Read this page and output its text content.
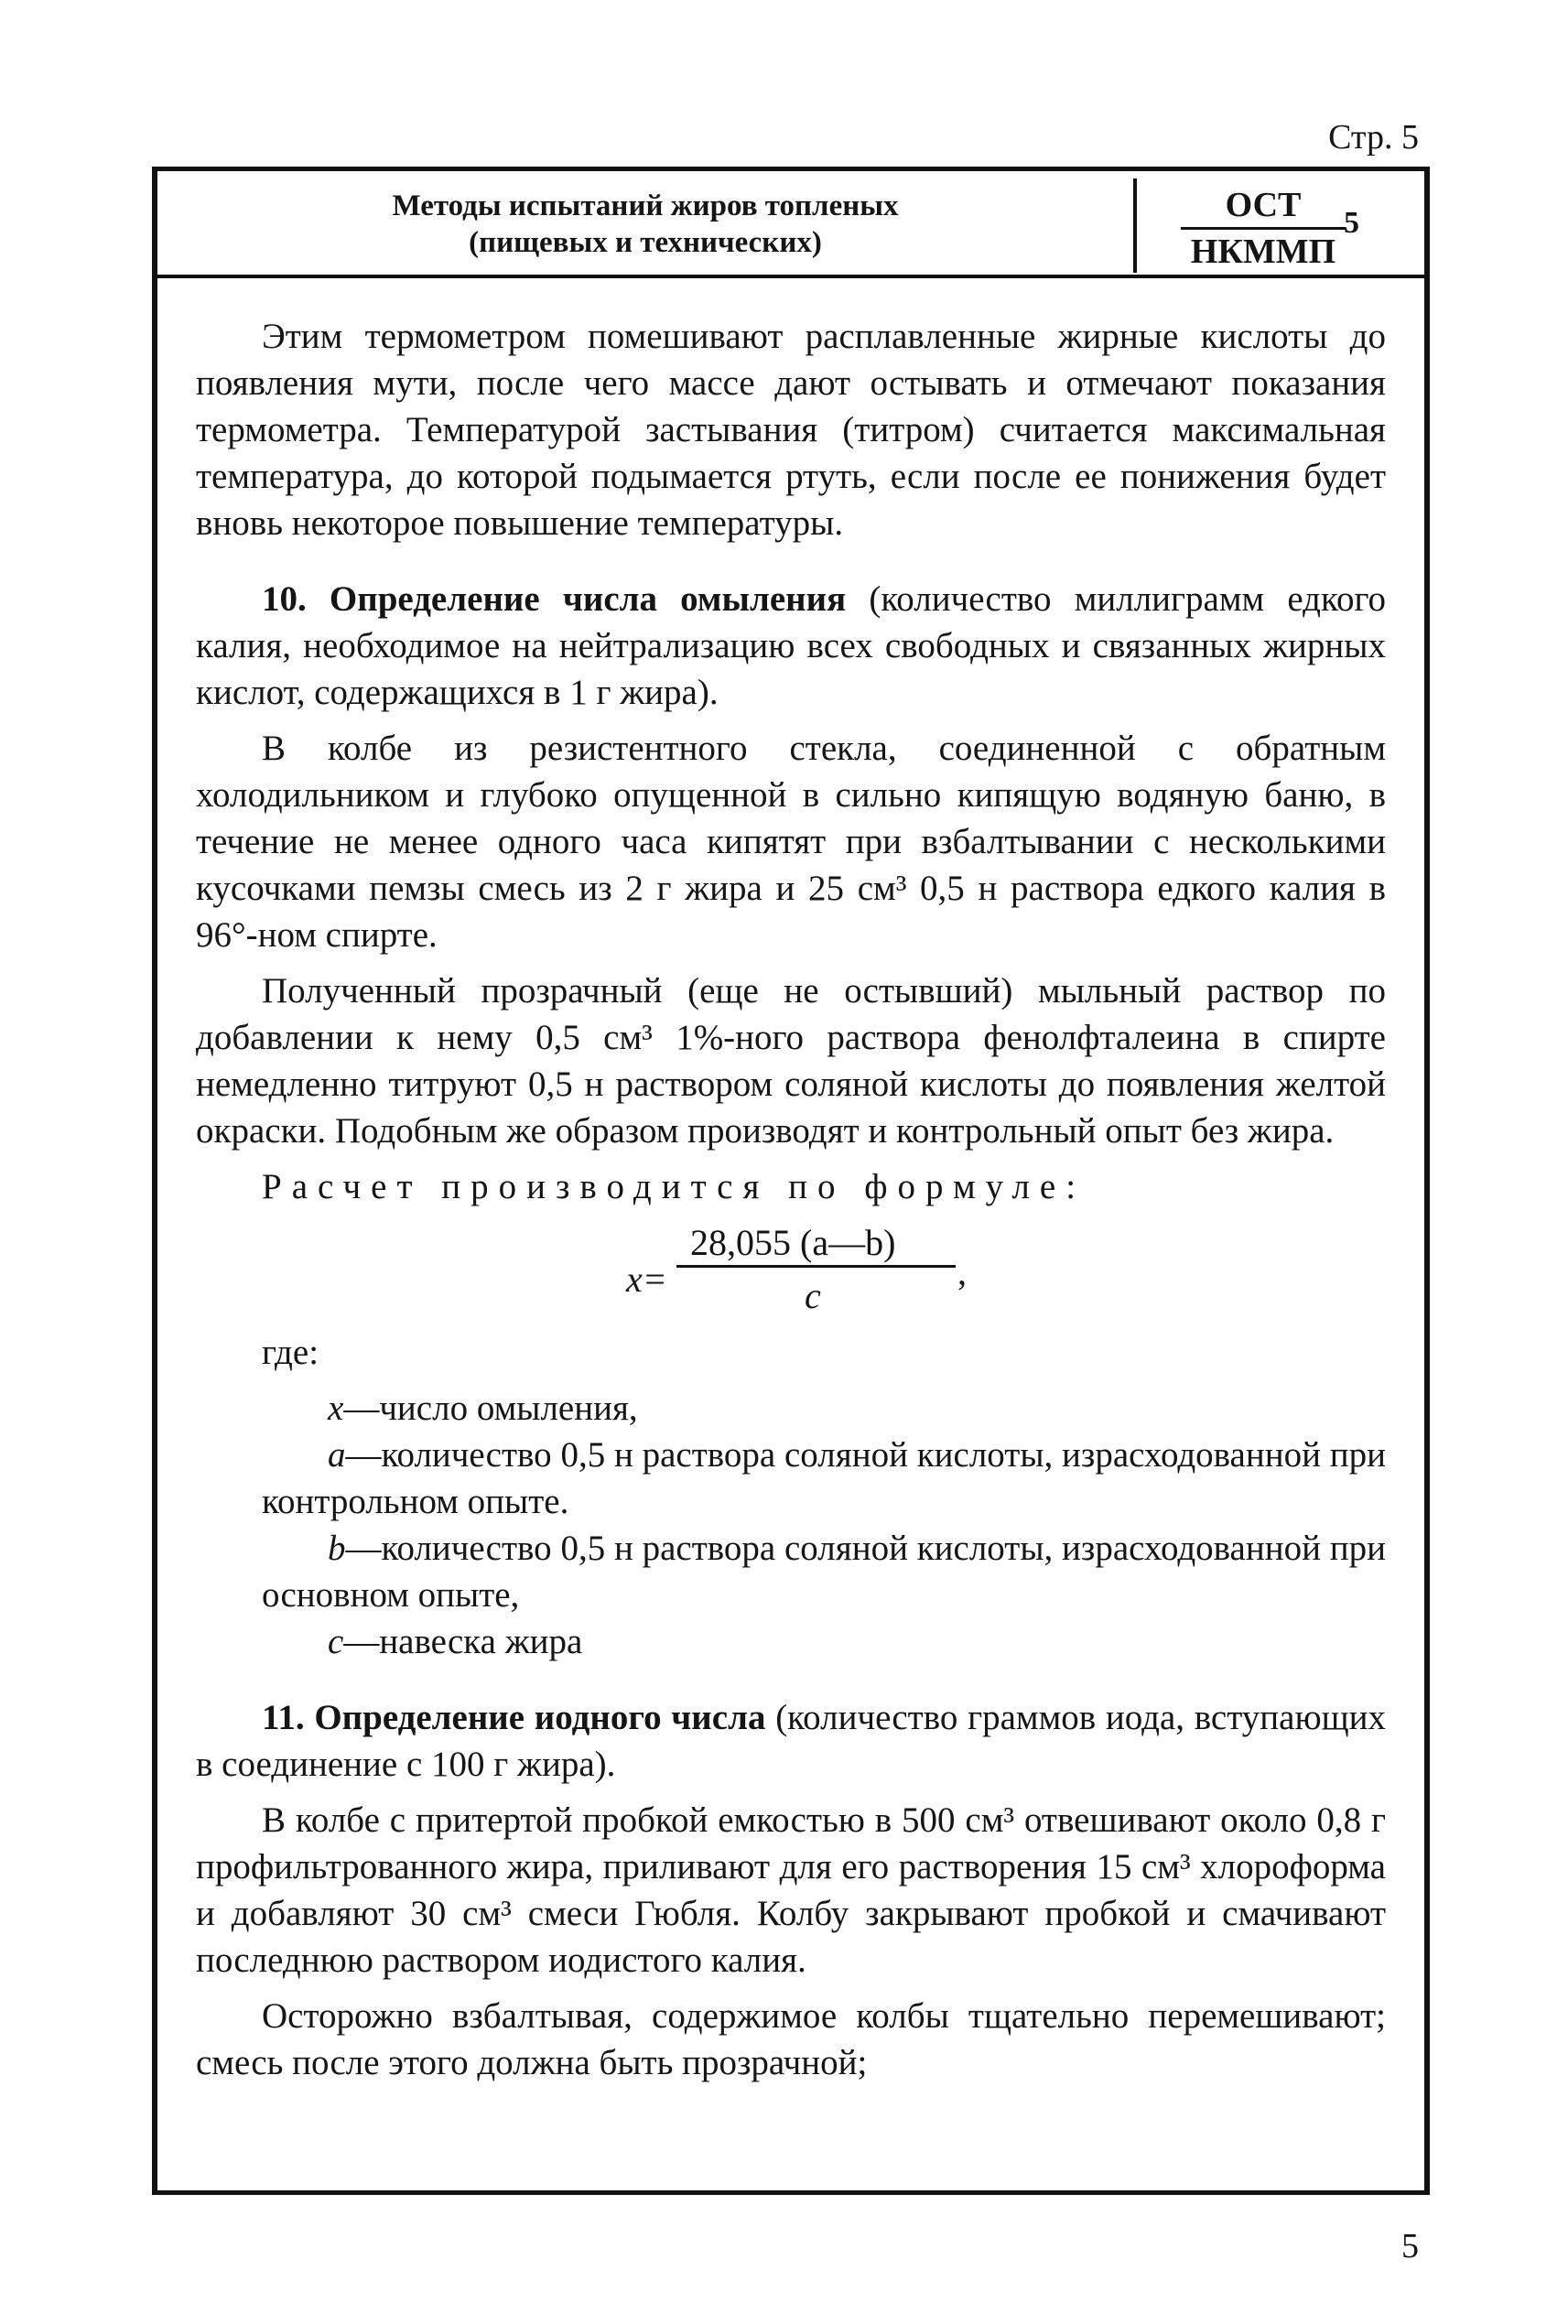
Стр. 5
Методы испытаний жиров топленых
(пищевых и технических)
ОСТ
НКММП
5

Этим термометром помешивают расплавленные жирные кислоты до появления мути, после чего массе дают остывать и отмечают показания термометра. Температурой застывания (титром) считается максимальная температура, до которой подымается ртуть, если после ее понижения будет вновь некоторое повышение температуры.

10. Определение числа омыления (количество миллиграмм едкого калия, необходимое на нейтрализацию всех свободных и связанных жирных кислот, содержащихся в 1 г жира).

В колбе из резистентного стекла, соединенной с обратным холодильником и глубоко опущенной в сильно кипящую водяную баню, в течение не менее одного часа кипятят при взбалтывании с несколькими кусочками пемзы смесь из 2 г жира и 25 см³ 0,5 н раствора едкого калия в 96°-ном спирте.

Полученный прозрачный (еще не остывший) мыльный раствор по добавлении к нему 0,5 см³ 1%-ного раствора фенолфталеина в спирте немедленно титруют 0,5 н раствором соляной кислоты до появления желтой окраски. Подобным же образом производят и контрольный опыт без жира.

Расчет производится по формуле:

x=
28,055 (a—b)
c
,

где:

x—число омыления,

a—количество 0,5 н раствора соляной кислоты, израсходованной при контрольном опыте.

b—количество 0,5 н раствора соляной кислоты, израсходованной при основном опыте,

c—навеска жира

11. Определение иодного числа (количество граммов иода, вступающих в соединение с 100 г жира).

В колбе с притертой пробкой емкостью в 500 см³ отвешивают около 0,8 г профильтрованного жира, приливают для его растворения 15 см³ хлороформа и добавляют 30 см³ смеси Гюбля. Колбу закрывают пробкой и смачивают последнюю раствором иодистого калия.

Осторожно взбалтывая, содержимое колбы тщательно перемешивают; смесь после этого должна быть прозрачной;

5
